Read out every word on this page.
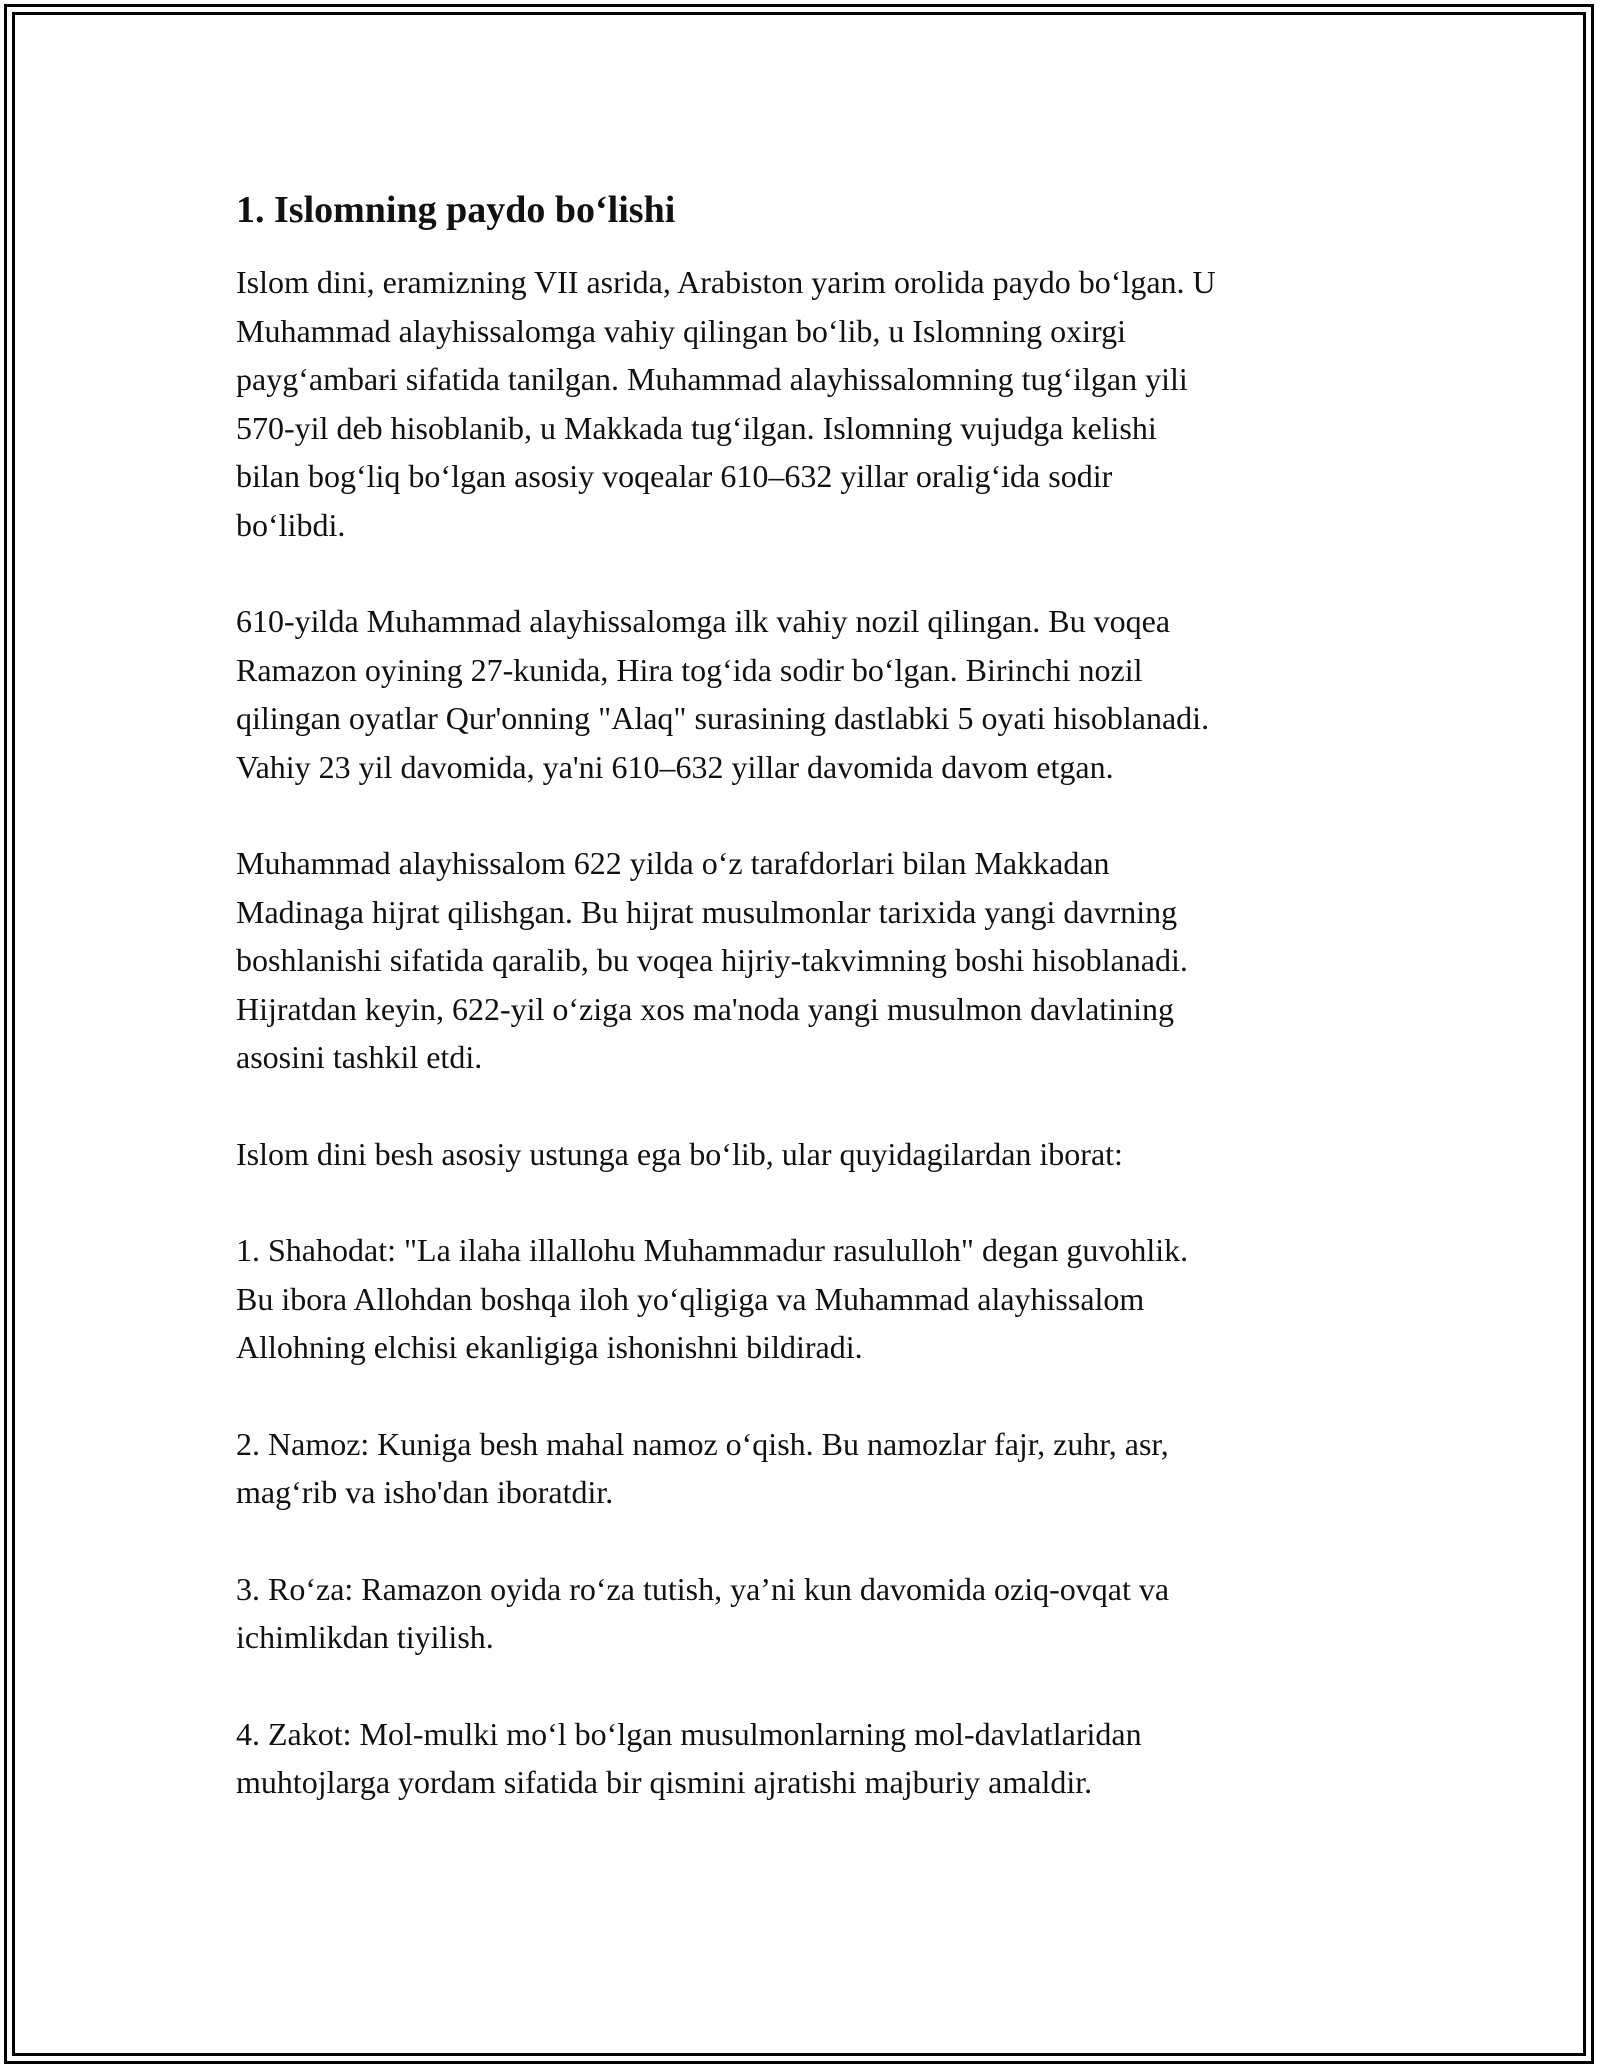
1. Islomning paydo bo‘lishi

Islom dini, eramizning VII asrida, Arabiston yarim orolida paydo bo‘lgan. U
Muhammad alayhissalomga vahiy qilingan bo‘lib, u Islomning oxirgi
payg‘ambari sifatida tanilgan. Muhammad alayhissalomning tug‘ilgan yili
570-yil deb hisoblanib, u Makkada tug‘ilgan. Islomning vujudga kelishi
bilan bog‘liq bo‘lgan asosiy voqealar 610–632 yillar oralig‘ida sodir
bo‘libdi.

610-yilda Muhammad alayhissalomga ilk vahiy nozil qilingan. Bu voqea
Ramazon oyining 27-kunida, Hira tog‘ida sodir bo‘lgan. Birinchi nozil
qilingan oyatlar Qur'onning "Alaq" surasining dastlabki 5 oyati hisoblanadi.
Vahiy 23 yil davomida, ya'ni 610–632 yillar davomida davom etgan.

Muhammad alayhissalom 622 yilda o‘z tarafdorlari bilan Makkadan
Madinaga hijrat qilishgan. Bu hijrat musulmonlar tarixida yangi davrning
boshlanishi sifatida qaralib, bu voqea hijriy-takvimning boshi hisoblanadi.
Hijratdan keyin, 622-yil o‘ziga xos ma'noda yangi musulmon davlatining
asosini tashkil etdi.

Islom dini besh asosiy ustunga ega bo‘lib, ular quyidagilardan iborat:

1. Shahodat: "La ilaha illallohu Muhammadur rasululloh" degan guvohlik.
Bu ibora Allohdan boshqa iloh yo‘qligiga va Muhammad alayhissalom
Allohning elchisi ekanligiga ishonishni bildiradi.

2. Namoz: Kuniga besh mahal namoz o‘qish. Bu namozlar fajr, zuhr, asr,
mag‘rib va isho'dan iboratdir.

3. Ro‘za: Ramazon oyida ro‘za tutish, ya’ni kun davomida oziq-ovqat va
ichimlikdan tiyilish.

4. Zakot: Mol-mulki mo‘l bo‘lgan musulmonlarning mol-davlatlaridan
muhtojlarga yordam sifatida bir qismini ajratishi majburiy amaldir.
